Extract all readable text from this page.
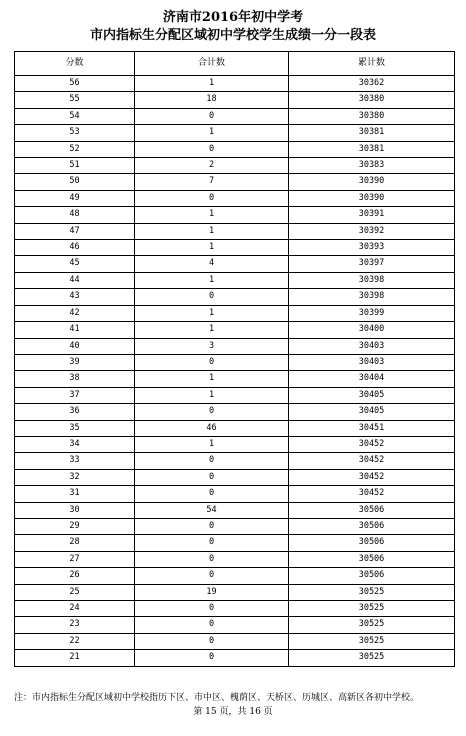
济南市2016年初中学考
市内指标生分配区域初中学校学生成绩一分一段表
分数	合计数	累计数
56	1	30362
55	18	30380
54	0	30380
53	1	30381
52	0	30381
51	2	30383
50	7	30390
49	0	30390
48	1	30391
47	1	30392
46	1	30393
45	4	30397
44	1	30398
43	0	30398
42	1	30399
41	1	30400
40	3	30403
39	0	30403
38	1	30404
37	1	30405
36	0	30405
35	46	30451
34	1	30452
33	0	30452
32	0	30452
31	0	30452
30	54	30506
29	0	30506
28	0	30506
27	0	30506
26	0	30506
25	19	30525
24	0	30525
23	0	30525
22	0	30525
21	0	30525
注：市内指标生分配区域初中学校指历下区、市中区、槐荫区、天桥区、历城区、高新区各初中学校。
第 15 页，共 16 页
